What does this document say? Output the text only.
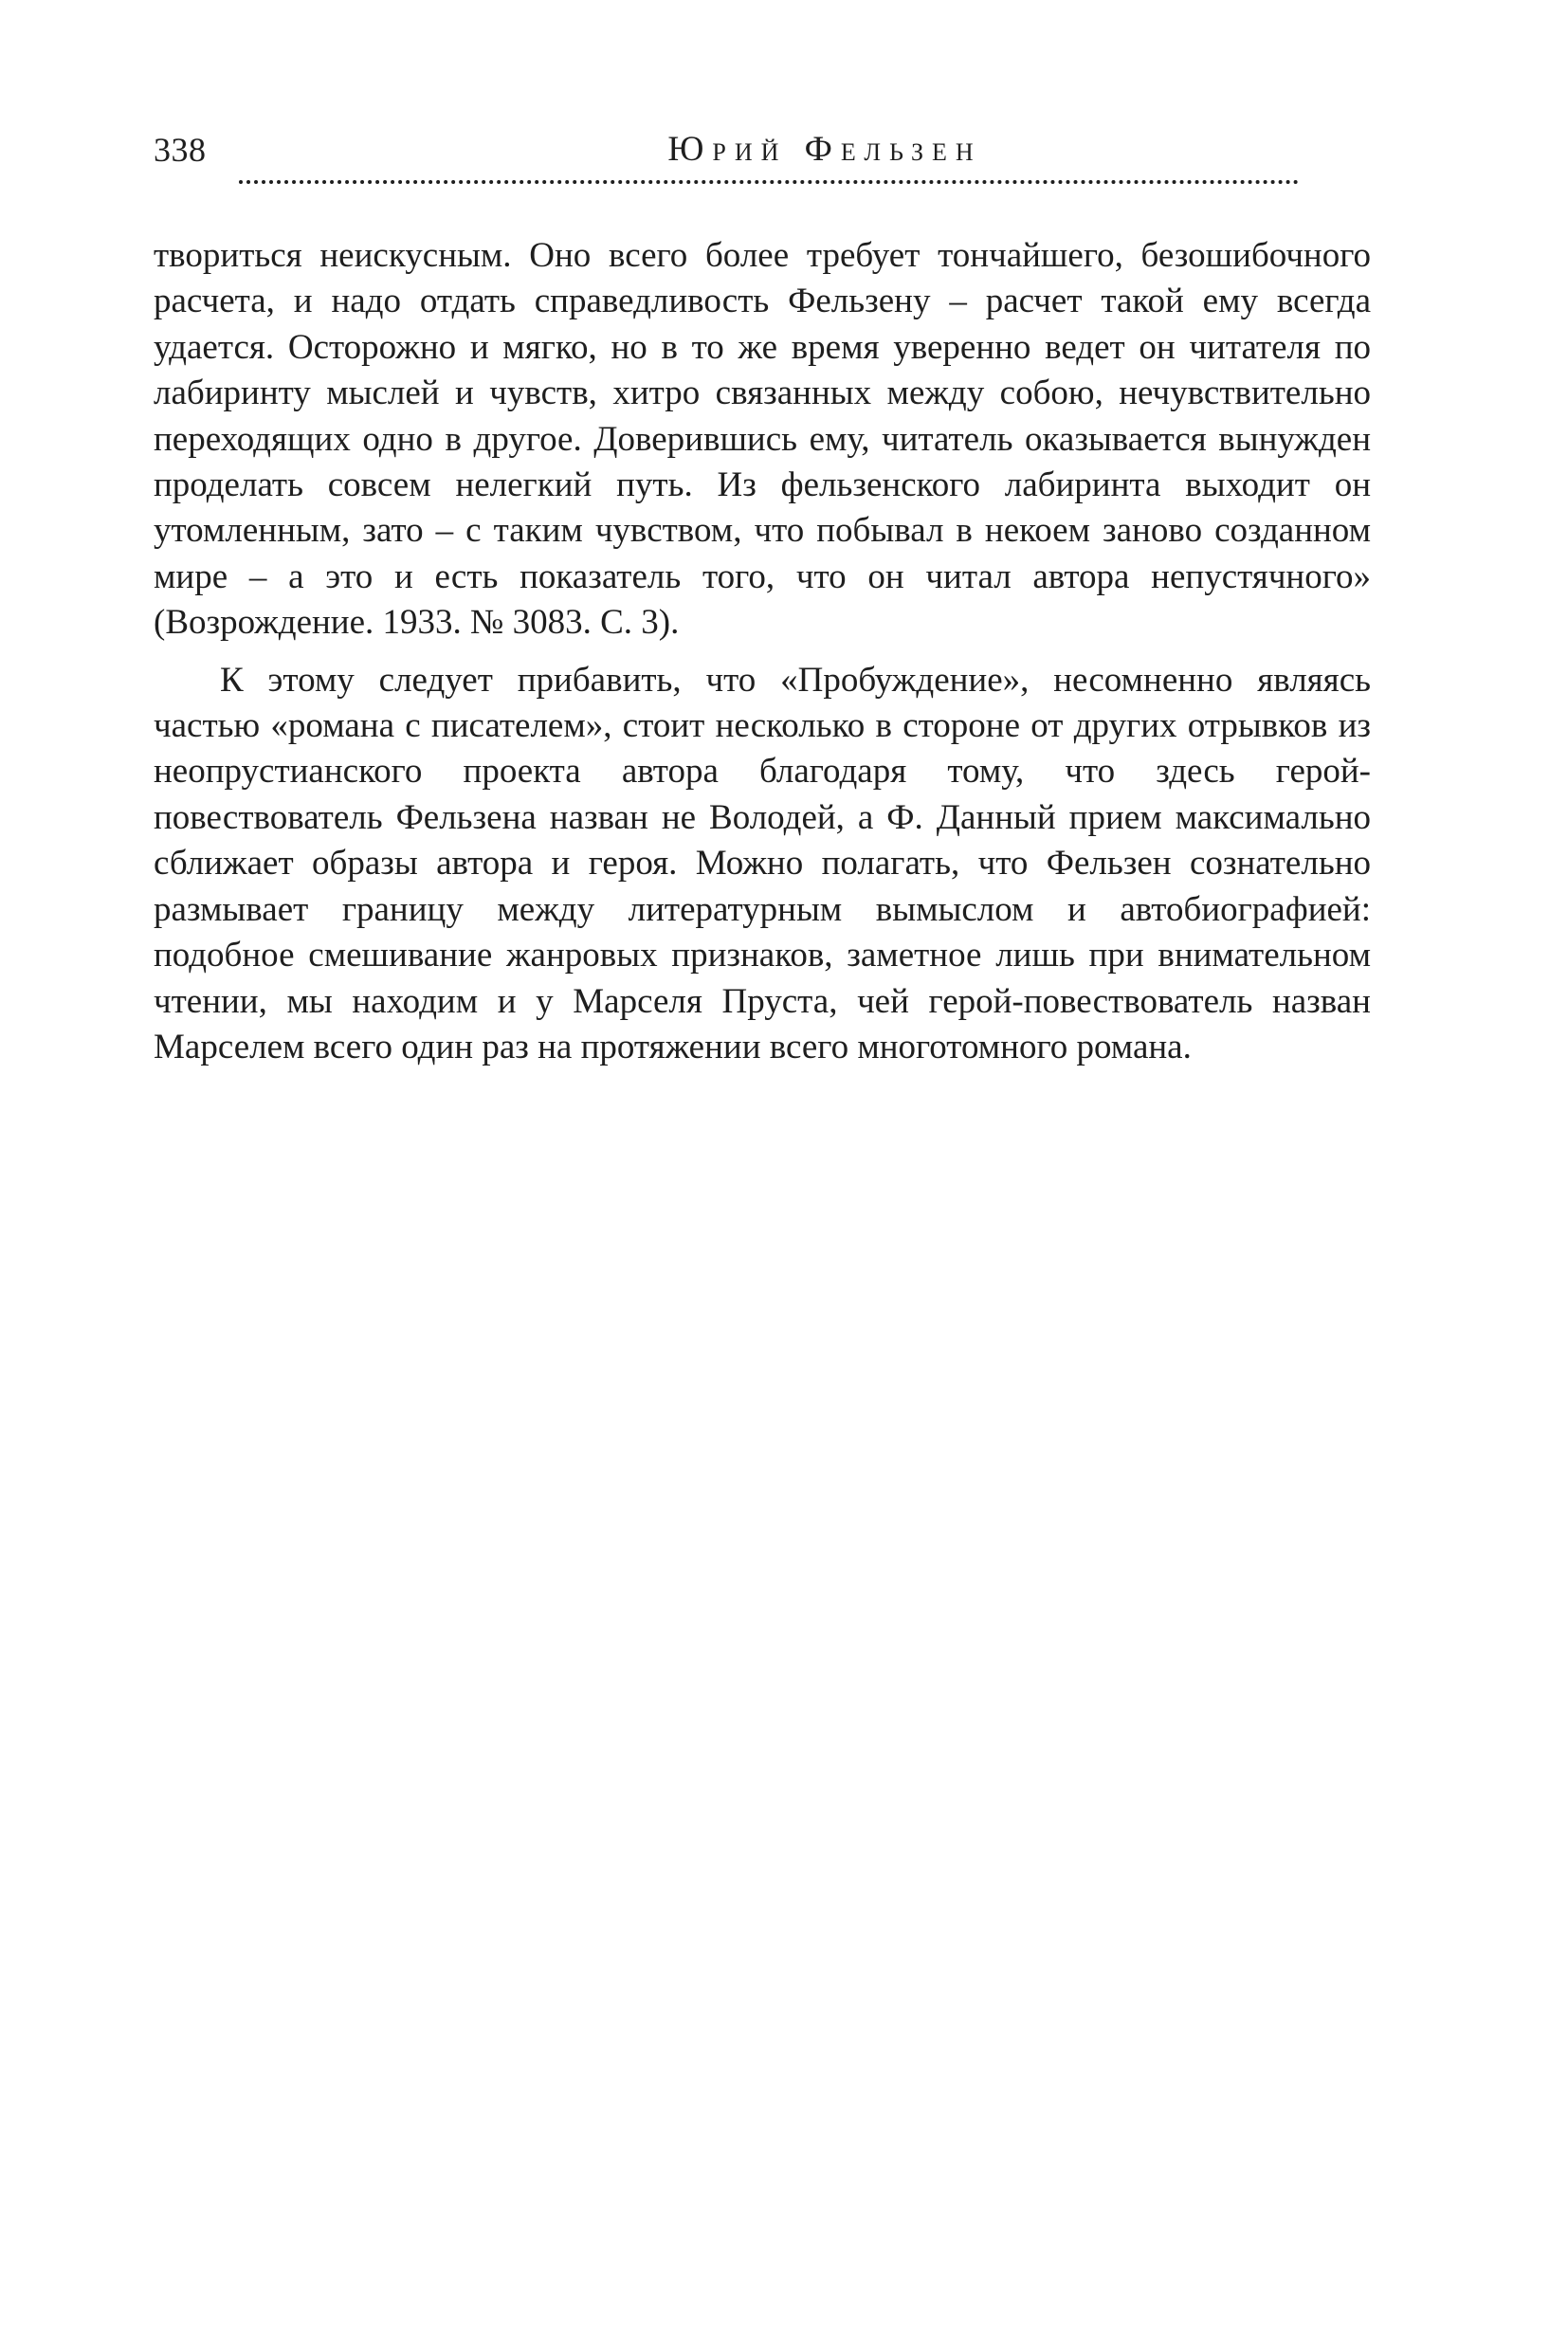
338	Юрий Фельзен

твориться неискусным. Оно всего более требует тончайшего, безошибочного расчета, и надо отдать справедливость Фельзену – расчет такой ему всегда удается. Осторожно и мягко, но в то же время уверенно ведет он читателя по лабиринту мыслей и чувств, хитро связанных между собою, нечувствительно переходящих одно в другое. Доверившись ему, читатель оказывается вынужден проделать совсем нелегкий путь. Из фельзенского лабиринта выходит он утомленным, зато – с таким чувством, что побывал в некоем заново созданном мире – а это и есть показатель того, что он читал автора непустячного» (Возрождение. 1933. № 3083. С. 3).

К этому следует прибавить, что «Пробуждение», несомненно являясь частью «романа с писателем», стоит несколько в стороне от других отрывков из неопрустианского проекта автора благодаря тому, что здесь герой-повествователь Фельзена назван не Володей, а Ф. Данный прием максимально сближает образы автора и героя. Можно полагать, что Фельзен сознательно размывает границу между литературным вымыслом и автобиографией: подобное смешивание жанровых признаков, заметное лишь при внимательном чтении, мы находим и у Марселя Пруста, чей герой-повествователь назван Марселем всего один раз на протяжении всего многотомного романа.
